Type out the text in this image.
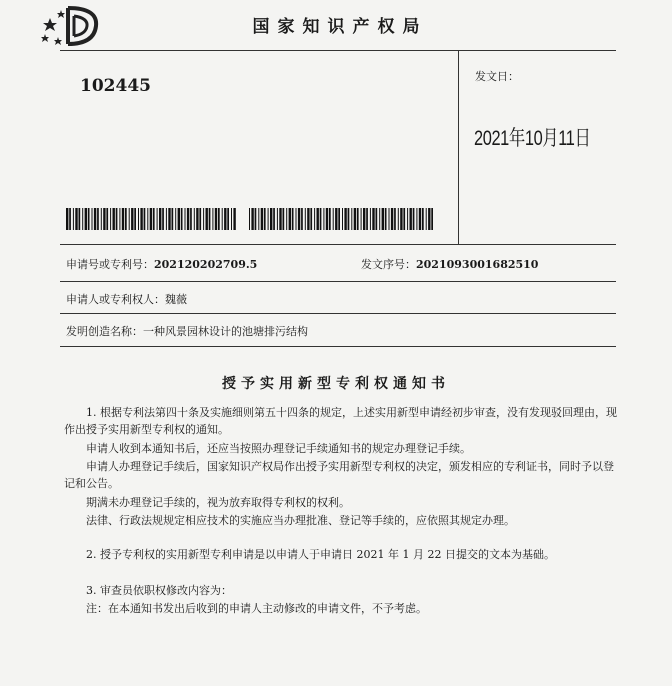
国家知识产权局
102445	发文日：
2021年10月11日
申请号或专利号：202120202709.5	发文序号：2021093001682510
申请人或专利权人：魏薇
发明创造名称：一种风景园林设计的池塘排污结构
授予实用新型专利权通知书
1. 根据专利法第四十条及实施细则第五十四条的规定，上述实用新型申请经初步审查，没有发现驳回理由，现作出授予实用新型专利权的通知。
申请人收到本通知书后，还应当按照办理登记手续通知书的规定办理登记手续。
申请人办理登记手续后，国家知识产权局作出授予实用新型专利权的决定，颁发相应的专利证书，同时予以登记和公告。
期满未办理登记手续的，视为放弃取得专利权的权利。
法律、行政法规规定相应技术的实施应当办理批准、登记等手续的，应依照其规定办理。
2. 授予专利权的实用新型专利申请是以申请人于申请日 2021 年 1 月 22 日提交的文本为基础。
3. 审查员依职权修改内容为：
注：在本通知书发出后收到的申请人主动修改的申请文件，不予考虑。
